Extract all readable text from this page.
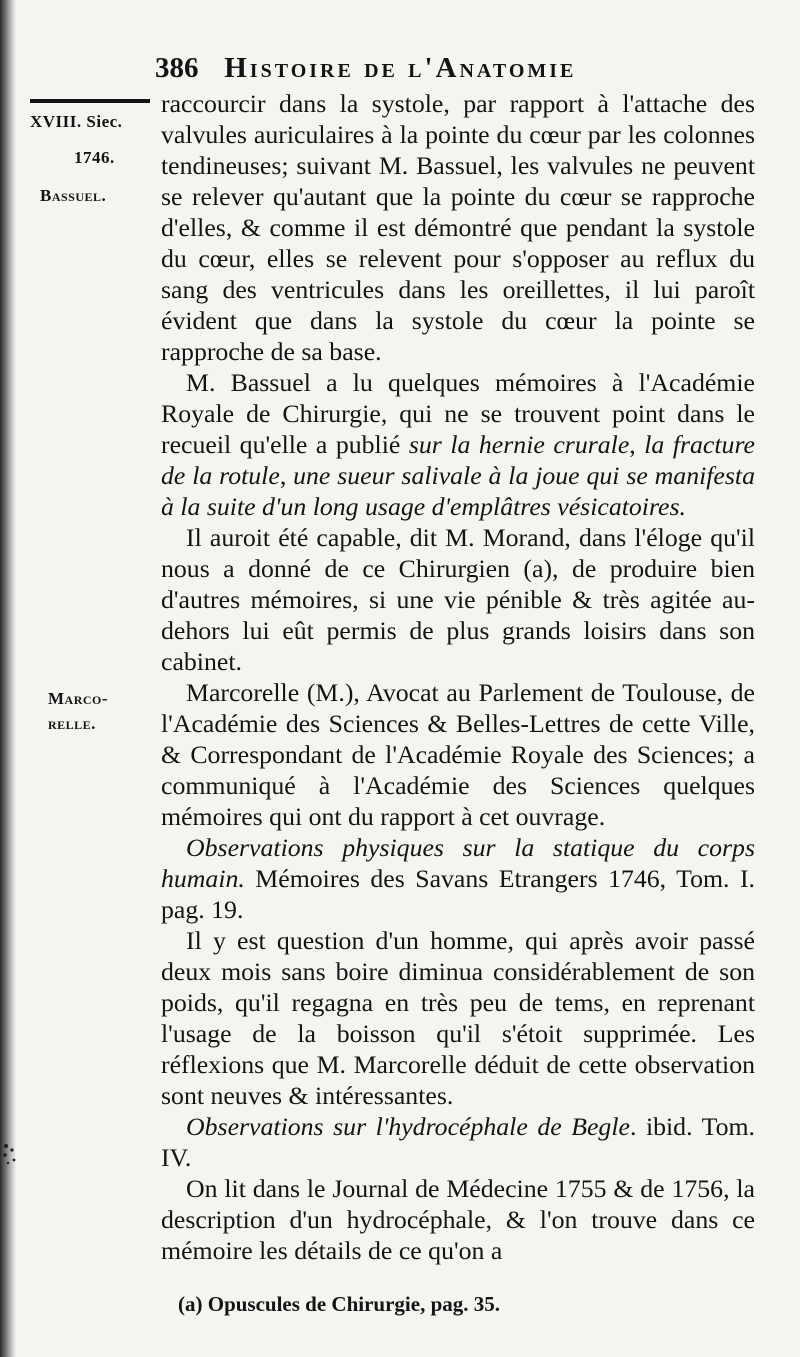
386 Histoire de l'Anatomie
XVIII. Siec.
1746.
Bassuel.
Marco-
relle.

raccourcir dans la systole, par rapport à l'attache des valvules auriculaires à la pointe du cœur par les colonnes tendineuses; suivant M. Bassuel, les valvules ne peuvent se relever qu'autant que la pointe du cœur se rapproche d'elles, & comme il est démontré que pendant la systole du cœur, elles se relevent pour s'opposer au reflux du sang des ventricules dans les oreillettes, il lui paroît évident que dans la systole du cœur la pointe se rapproche de sa base.

M. Bassuel a lu quelques mémoires à l'Académie Royale de Chirurgie, qui ne se trouvent point dans le recueil qu'elle a publié sur la hernie crurale, la fracture de la rotule, une sueur salivale à la joue qui se manifesta à la suite d'un long usage d'emplâtres vésicatoires.

Il auroit été capable, dit M. Morand, dans l'éloge qu'il nous a donné de ce Chirurgien (a), de produire bien d'autres mémoires, si une vie pénible & très agitée au-dehors lui eût permis de plus grands loisirs dans son cabinet.

Marcorelle (M.), Avocat au Parlement de Toulouse, de l'Académie des Sciences & Belles-Lettres de cette Ville, & Correspondant de l'Académie Royale des Sciences; a communiqué à l'Académie des Sciences quelques mémoires qui ont du rapport à cet ouvrage.

Observations physiques sur la statique du corps humain. Mémoires des Savans Etrangers 1746, Tom. I. pag. 19.

Il y est question d'un homme, qui après avoir passé deux mois sans boire diminua considérablement de son poids, qu'il regagna en très peu de tems, en reprenant l'usage de la boisson qu'il s'étoit supprimée. Les réflexions que M. Marcorelle déduit de cette observation sont neuves & intéressantes.

Observations sur l'hydrocéphale de Begle. ibid. Tom. IV.

On lit dans le Journal de Médecine 1755 & de 1756, la description d'un hydrocéphale, & l'on trouve dans ce mémoire les détails de ce qu'on a

(a) Opuscules de Chirurgie, pag. 35.
